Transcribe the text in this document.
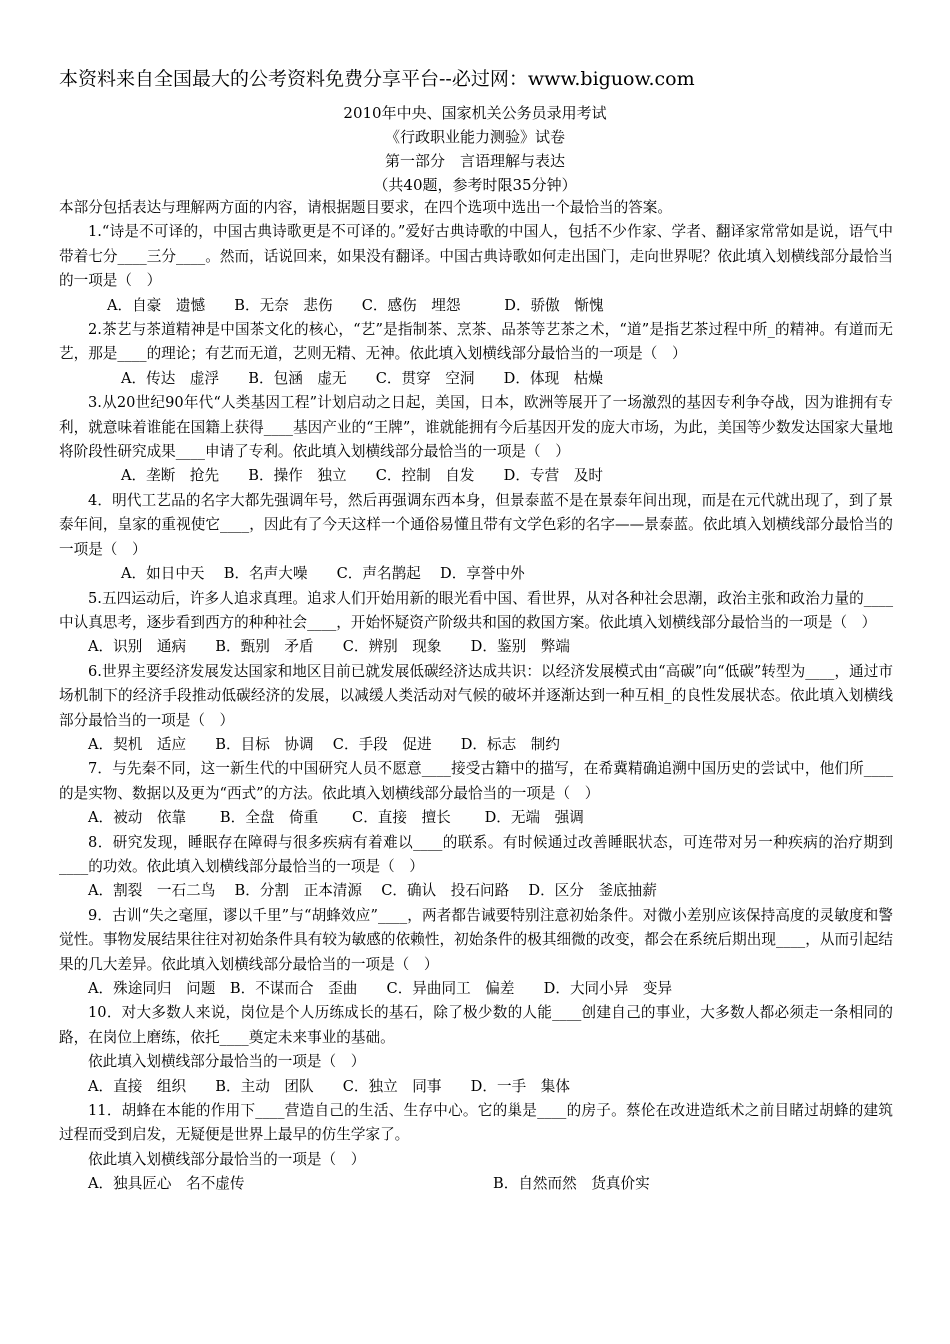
本资料来自全国最大的公考资料免费分享平台--必过网：www.biguow.com
2010年中央、国家机关公务员录用考试
《行政职业能力测验》试卷
第一部分　言语理解与表达
（共40题，参考时限35分钟）

本部分包括表达与理解两方面的内容，请根据题目要求，在四个选项中选出一个最恰当的答案。

1.“诗是不可译的，中国古典诗歌更是不可译的。”爱好古典诗歌的中国人，包括不少作家、学者、翻译家常常如是说，语气中带着七分____三分____。然而，话说回来，如果没有翻译。中国古典诗歌如何走出国门，走向世界呢？依此填入划横线部分最恰当的一项是（　）

A．自豪　遗憾　　B．无奈　悲伤　　C．感伤　埋怨　　　D．骄傲　惭愧

2.茶艺与茶道精神是中国茶文化的核心，“艺”是指制茶、烹茶、品茶等艺茶之术，“道”是指艺茶过程中所_的精神。有道而无艺，那是____的理论；有艺而无道，艺则无精、无神。依此填入划横线部分最恰当的一项是（　）

A．传达　虚浮　　B．包涵　虚无　　C．贯穿　空洞　　D．体现　枯燥

3.从20世纪90年代“人类基因工程”计划启动之日起，美国，日本，欧洲等展开了一场激烈的基因专利争夺战，因为谁拥有专利，就意味着谁能在国籍上获得____基因产业的“王牌”，谁就能拥有今后基因开发的庞大市场，为此，美国等少数发达国家大量地将阶段性研究成果____申请了专利。依此填入划横线部分最恰当的一项是（　）

A．垄断　抢先　　B．操作　独立　　C．控制　自发　　D．专营　及时

4．明代工艺品的名字大都先强调年号，然后再强调东西本身，但景泰蓝不是在景泰年间出现，而是在元代就出现了，到了景泰年间，皇家的重视使它____，因此有了今天这样一个通俗易懂且带有文学色彩的名字——景泰蓝。依此填入划横线部分最恰当的一项是（　）

A．如日中天　 B．名声大噪　　C．声名鹊起　 D．享誉中外

5.五四运动后，许多人追求真理。追求人们开始用新的眼光看中国、看世界，从对各种社会思潮，政治主张和政治力量的____中认真思考，逐步看到西方的种种社会____，开始怀疑资产阶级共和国的救国方案。依此填入划横线部分最恰当的一项是（　）

A．识别　通病　　B．甄别　矛盾　　C．辨别　现象　　D．鉴别　弊端

6.世界主要经济发展发达国家和地区目前已就发展低碳经济达成共识：以经济发展模式由“高碳”向“低碳”转型为____，通过市场机制下的经济手段推动低碳经济的发展，以减缓人类活动对气候的破坏并逐渐达到一种互相_的良性发展状态。依此填入划横线部分最恰当的一项是（　）

A．契机　适应　　B．目标　协调　 C．手段　促进　　D．标志　制约

7．与先秦不同，这一新生代的中国研究人员不愿意____接受古籍中的描写，在希冀精确追溯中国历史的尝试中，他们所____的是实物、数据以及更为“西式”的方法。依此填入划横线部分最恰当的一项是（　）

A．被动　依靠　　 B．全盘　倚重　　 C．直接　擅长　　 D．无端　强调

8．研究发现，睡眠存在障碍与很多疾病有着难以____的联系。有时候通过改善睡眠状态，可连带对另一种疾病的治疗期到____的功效。依此填入划横线部分最恰当的一项是（　）

A．割裂　一石二鸟　 B．分割　正本清源　 C．确认　投石问路　 D．区分　釜底抽薪

9．古训“失之毫厘，谬以千里”与“胡蜂效应”____，两者都告诫要特别注意初始条件。对微小差别应该保持高度的灵敏度和警觉性。事物发展结果往往对初始条件具有较为敏感的依赖性，初始条件的极其细微的改变，都会在系统后期出现____，从而引起结果的几大差异。依此填入划横线部分最恰当的一项是（　）

A．殊途同归　问题　B．不谋而合　歪曲　　C．异曲同工　偏差　　D．大同小异　变异

10．对大多数人来说，岗位是个人历练成长的基石，除了极少数的人能____创建自己的事业，大多数人都必须走一条相同的路，在岗位上磨练，依托____奠定未来事业的基础。

依此填入划横线部分最恰当的一项是（　）

A．直接　组织　　B．主动　团队　　C．独立　同事　　D．一手　集体

11．胡蜂在本能的作用下____营造自己的生活、生存中心。它的巢是____的房子。蔡伦在改进造纸术之前目睹过胡蜂的建筑过程而受到启发，无疑便是世界上最早的仿生学家了。

依此填入划横线部分最恰当的一项是（　）

A．独具匠心　名不虚传	B．自然而然　货真价实
